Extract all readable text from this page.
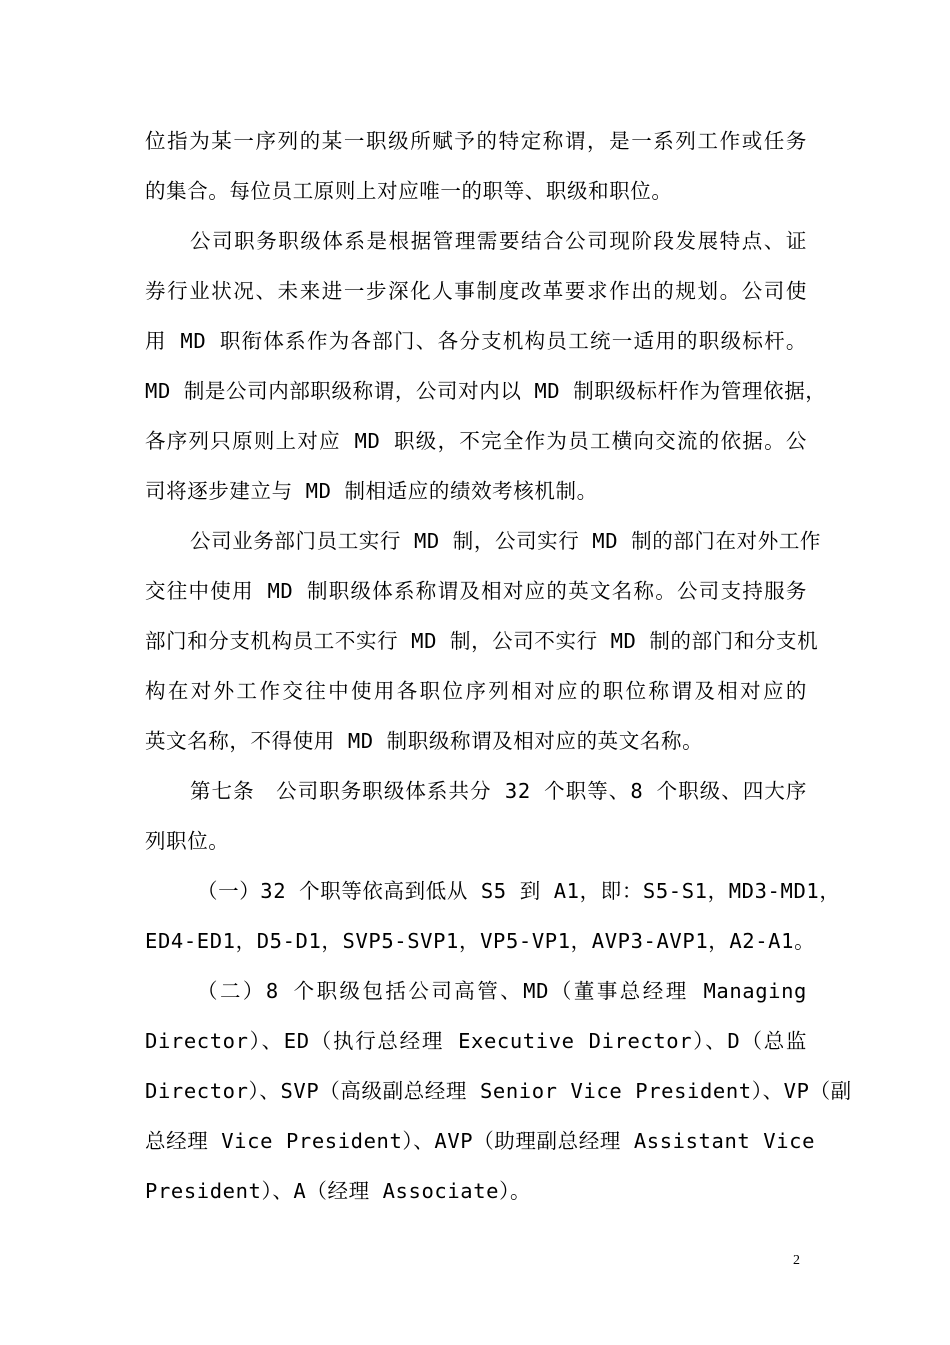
位指为某一序列的某一职级所赋予的特定称谓，是一系列工作或任务
的集合。每位员工原则上对应唯一的职等、职级和职位。
公司职务职级体系是根据管理需要结合公司现阶段发展特点、证
券行业状况、未来进一步深化人事制度改革要求作出的规划。公司使
用 MD 职衔体系作为各部门、各分支机构员工统一适用的职级标杆。
MD 制是公司内部职级称谓，公司对内以 MD 制职级标杆作为管理依据，
各序列只原则上对应 MD 职级，不完全作为员工横向交流的依据。公
司将逐步建立与 MD 制相适应的绩效考核机制。
公司业务部门员工实行 MD 制，公司实行 MD 制的部门在对外工作
交往中使用 MD 制职级体系称谓及相对应的英文名称。公司支持服务
部门和分支机构员工不实行 MD 制，公司不实行 MD 制的部门和分支机
构在对外工作交往中使用各职位序列相对应的职位称谓及相对应的
英文名称，不得使用 MD 制职级称谓及相对应的英文名称。
第七条　公司职务职级体系共分 32 个职等、8 个职级、四大序
列职位。
（一）32 个职等依高到低从 S5 到 A1，即：S5-S1，MD3-MD1，
ED4-ED1，D5-D1，SVP5-SVP1，VP5-VP1，AVP3-AVP1，A2-A1。
（二）8 个职级包括公司高管、MD（董事总经理 Managing
Director）、ED（执行总经理 Executive Director）、D（总监
Director）、SVP（高级副总经理 Senior Vice President）、VP（副
总经理 Vice President）、AVP（助理副总经理 Assistant Vice
President）、A（经理 Associate）。
2
